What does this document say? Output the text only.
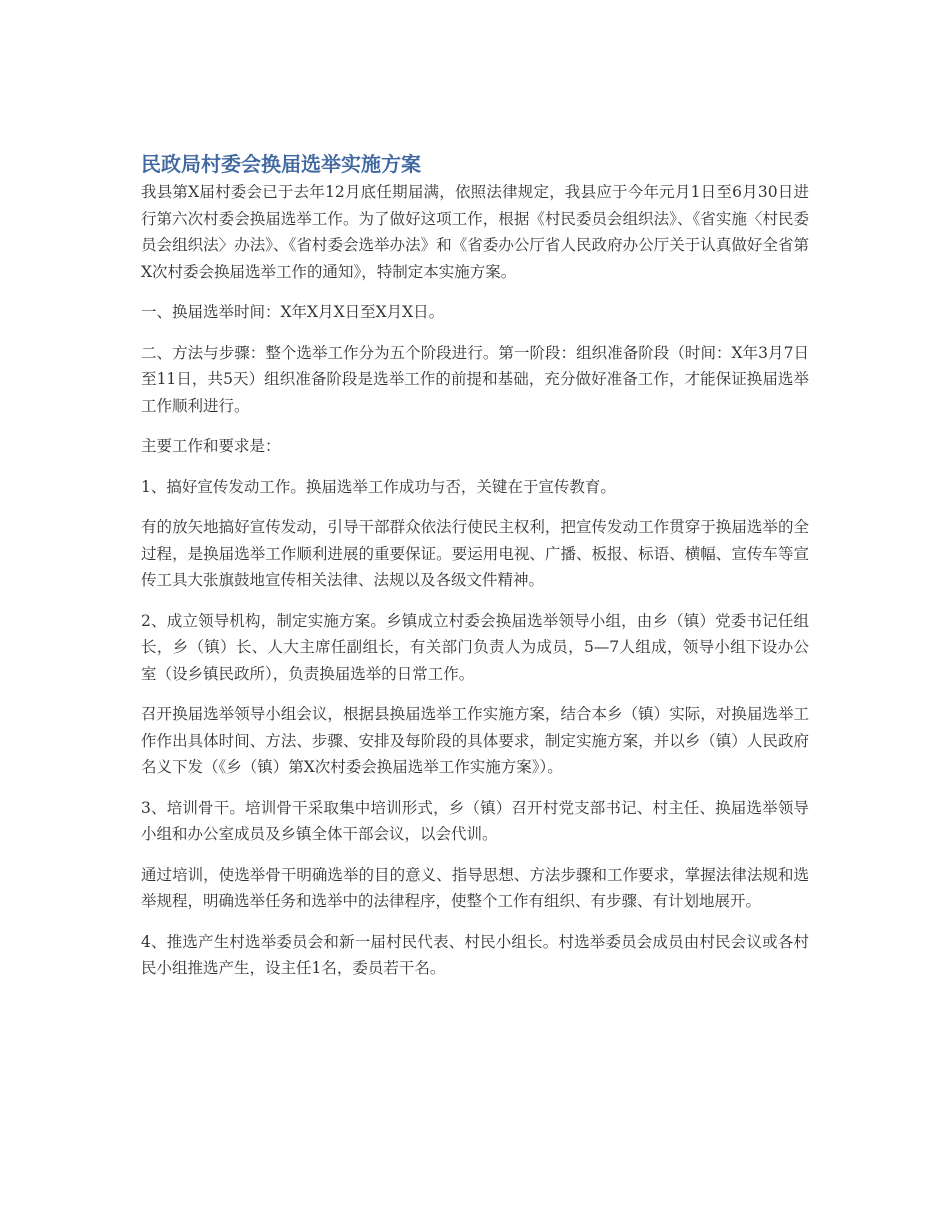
民政局村委会换届选举实施方案

我县第X届村委会已于去年12月底任期届满，依照法律规定，我县应于今年元月1日至6月30日进行第六次村委会换届选举工作。为了做好这项工作，根据《村民委员会组织法》、《省实施〈村民委员会组织法〉办法》、《省村委会选举办法》和《省委办公厅省人民政府办公厅关于认真做好全省第X次村委会换届选举工作的通知》，特制定本实施方案。

一、换届选举时间：X年X月X日至X月X日。

二、方法与步骤：整个选举工作分为五个阶段进行。第一阶段：组织准备阶段（时间：X年3月7日至11日，共5天）组织准备阶段是选举工作的前提和基础，充分做好准备工作，才能保证换届选举工作顺利进行。

主要工作和要求是：

1、搞好宣传发动工作。换届选举工作成功与否，关键在于宣传教育。

有的放矢地搞好宣传发动，引导干部群众依法行使民主权利，把宣传发动工作贯穿于换届选举的全过程，是换届选举工作顺利进展的重要保证。要运用电视、广播、板报、标语、横幅、宣传车等宣传工具大张旗鼓地宣传相关法律、法规以及各级文件精神。

2、成立领导机构，制定实施方案。乡镇成立村委会换届选举领导小组，由乡（镇）党委书记任组长，乡（镇）长、人大主席任副组长，有关部门负责人为成员，5—7人组成，领导小组下设办公室（设乡镇民政所），负责换届选举的日常工作。

召开换届选举领导小组会议，根据县换届选举工作实施方案，结合本乡（镇）实际，对换届选举工作作出具体时间、方法、步骤、安排及每阶段的具体要求，制定实施方案，并以乡（镇）人民政府名义下发（《乡（镇）第X次村委会换届选举工作实施方案》）。

3、培训骨干。培训骨干采取集中培训形式，乡（镇）召开村党支部书记、村主任、换届选举领导小组和办公室成员及乡镇全体干部会议，以会代训。

通过培训，使选举骨干明确选举的目的意义、指导思想、方法步骤和工作要求，掌握法律法规和选举规程，明确选举任务和选举中的法律程序，使整个工作有组织、有步骤、有计划地展开。

4、推选产生村选举委员会和新一届村民代表、村民小组长。村选举委员会成员由村民会议或各村民小组推选产生，设主任1名，委员若干名。
